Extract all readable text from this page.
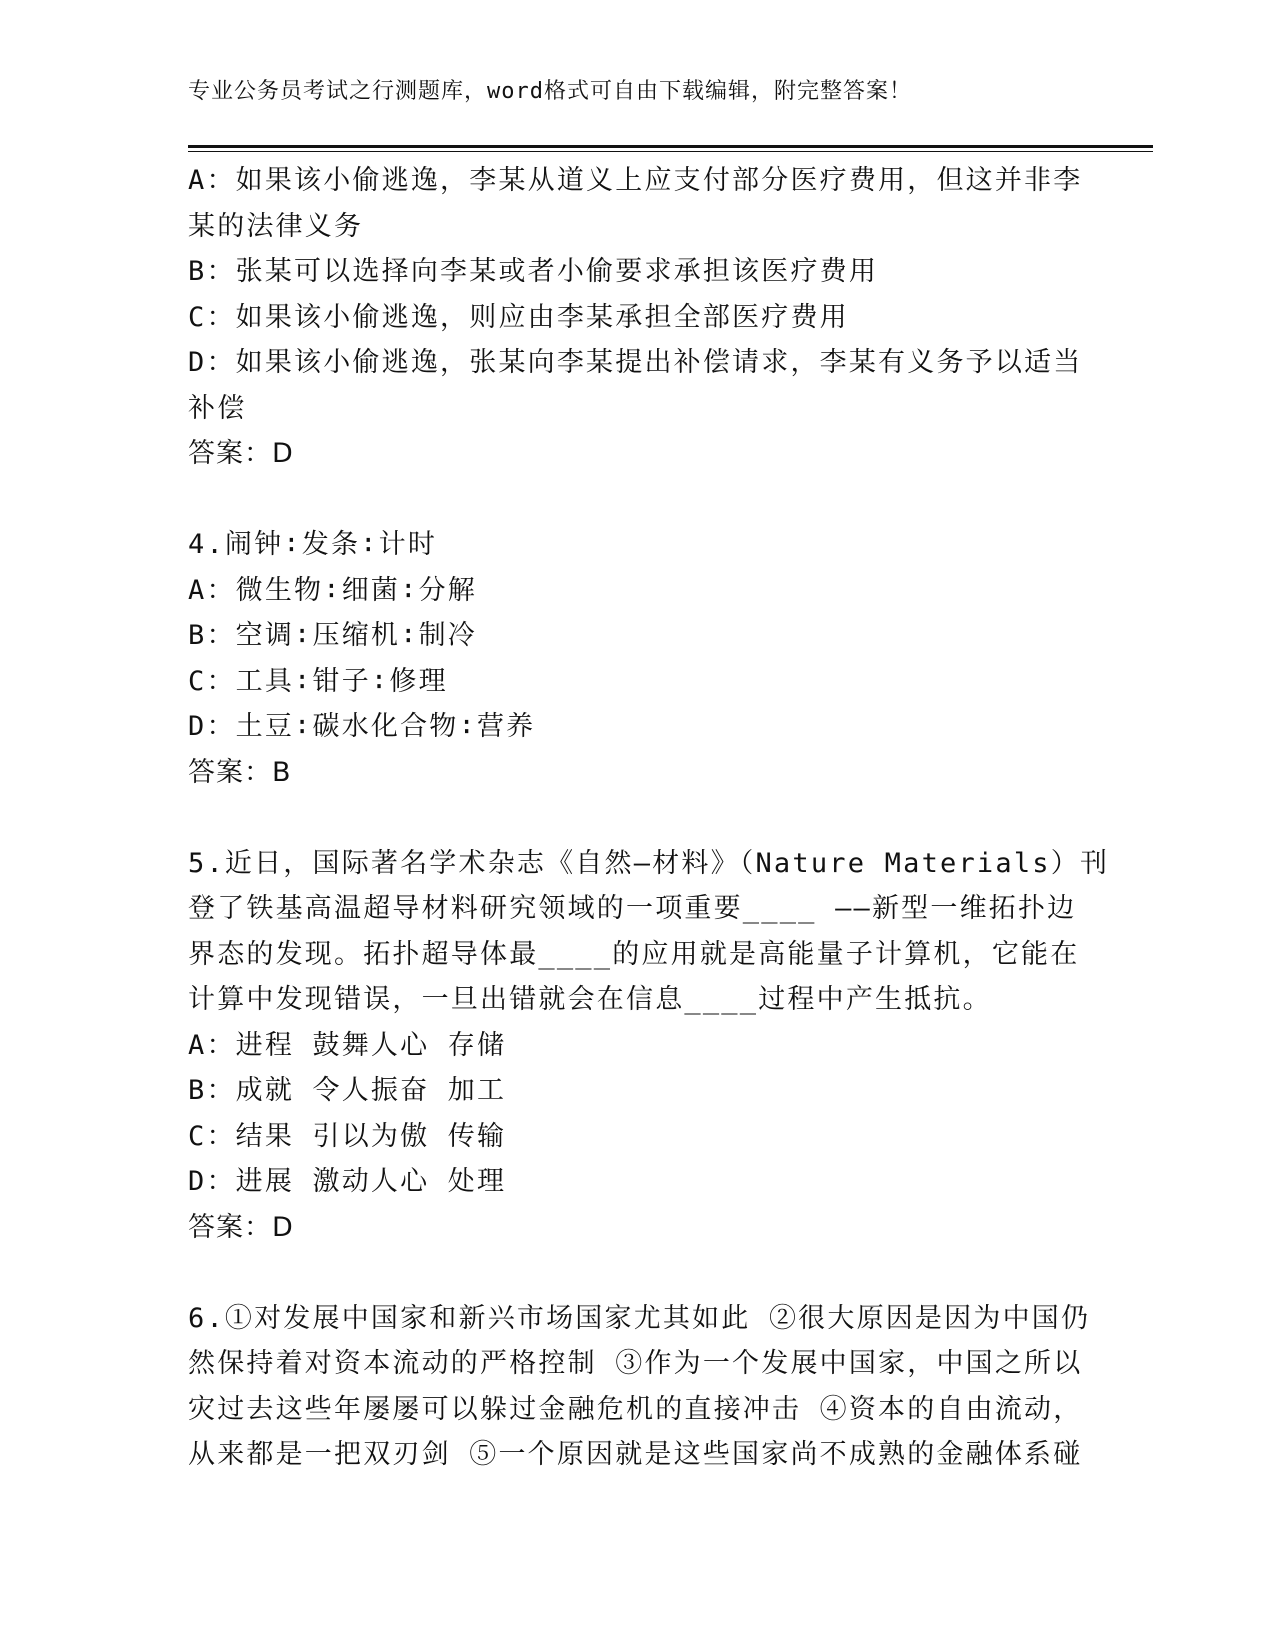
专业公务员考试之行测题库，word格式可自由下载编辑，附完整答案！
A：如果该小偷逃逸，李某从道义上应支付部分医疗费用，但这并非李
某的法律义务
B：张某可以选择向李某或者小偷要求承担该医疗费用
C：如果该小偷逃逸，则应由李某承担全部医疗费用
D：如果该小偷逃逸，张某向李某提出补偿请求，李某有义务予以适当
补偿
答案：D
4.闹钟∶发条∶计时
A：微生物∶细菌∶分解
B：空调∶压缩机∶制冷
C：工具∶钳子∶修理
D：土豆∶碳水化合物∶营养
答案：B
5.近日，国际著名学术杂志《自然—材料》（Nature Materials）刊
登了铁基高温超导材料研究领域的一项重要____ ——新型一维拓扑边
界态的发现。拓扑超导体最____的应用就是高能量子计算机，它能在
计算中发现错误，一旦出错就会在信息____过程中产生抵抗。
A：进程 鼓舞人心 存储
B：成就 令人振奋 加工
C：结果 引以为傲 传输
D：进展 激动人心 处理
答案：D
6.①对发展中国家和新兴市场国家尤其如此 ②很大原因是因为中国仍
然保持着对资本流动的严格控制 ③作为一个发展中国家，中国之所以
灾过去这些年屡屡可以躲过金融危机的直接冲击 ④资本的自由流动，
从来都是一把双刃剑 ⑤一个原因就是这些国家尚不成熟的金融体系碰
